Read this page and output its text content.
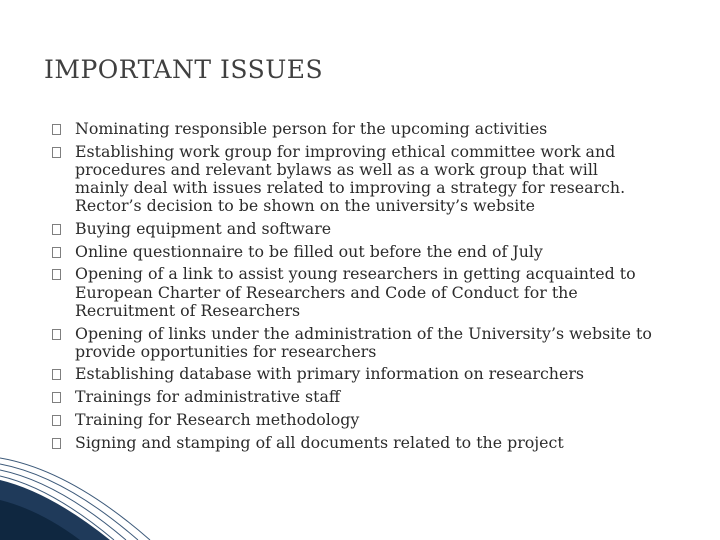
IMPORTANT ISSUES
Nominating responsible person for the upcoming activities
Establishing work group for improving ethical committee work and procedures and relevant bylaws as well as a work group that will mainly deal with issues related to improving a strategy for research. Rector’s decision to be shown on the university’s website
Buying equipment and software
Online questionnaire to be filled out before the end of July
Opening of a link to assist young researchers in getting acquainted to European Charter of Researchers and Code of Conduct for the Recruitment of Researchers
Opening of links under the administration of the University’s website to provide opportunities for researchers
Establishing database with primary information on researchers
Trainings for administrative staff
Training for Research methodology
Signing and stamping of all documents related to the project
